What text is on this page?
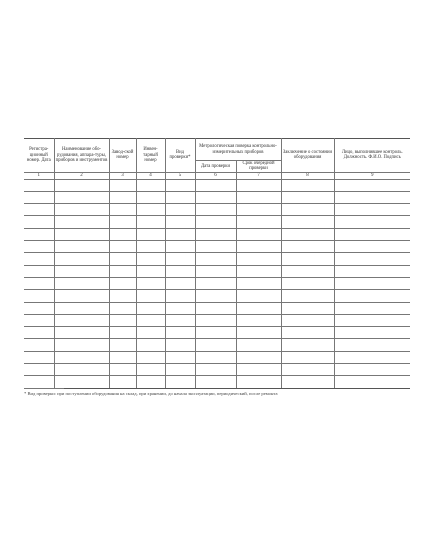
Регистра-ционный номер. Дата	Наименование обо-рудования, аппара-туры, приборов и инструментов	Завод-ской номер	Инвен-тарный номер	Вид проверки*	Метрологическая поверка контрольно-измерительных приборов		Заключение о состоянии оборудования	Лицо, выполнившее контроль. Должность. Ф.И.О. Подпись
					Дата проверки	Срок очередной проверки		
1	2	3	4	5	6	7	8	9

* Вид проверки: при поступлении оборудования на склад, при хранении, до начала эксплуатации, периодический, после ремонта
